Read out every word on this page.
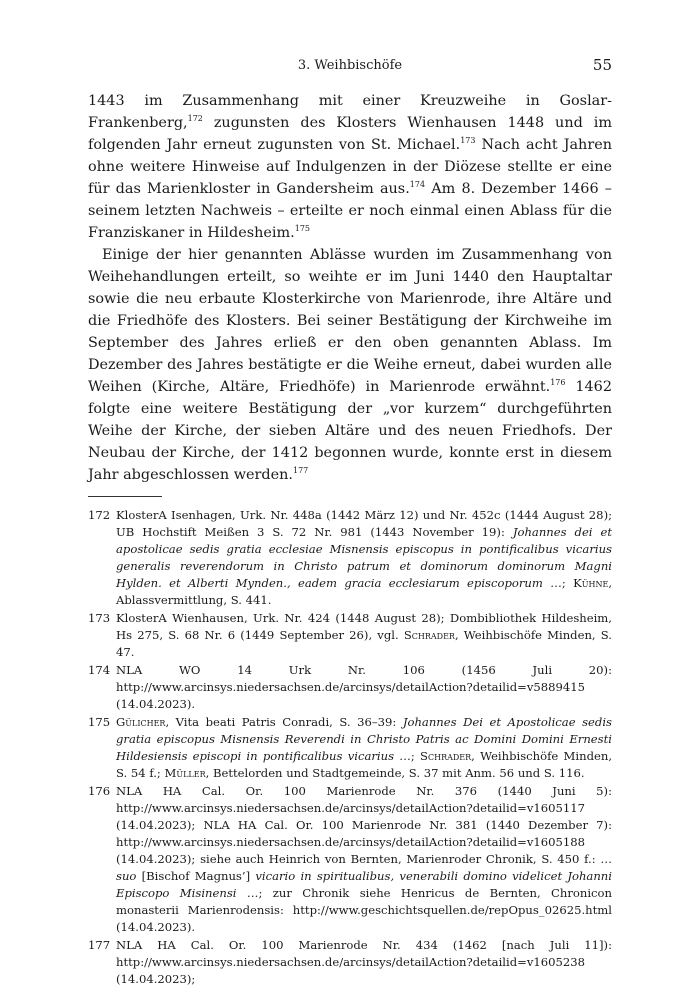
3. Weihbischöfe	55

1443 im Zusammenhang mit einer Kreuzweihe in Goslar-Frankenberg,$^{172}$ zugunsten des Klosters Wienhausen 1448 und im folgenden Jahr erneut zugunsten von St. Michael.$^{173}$ Nach acht Jahren ohne weitere Hinweise auf Indulgenzen in der Diözese stellte er eine für das Marienkloster in Gandersheim aus.$^{174}$ Am 8. Dezember 1466 – seinem letzten Nachweis – erteilte er noch einmal einen Ablass für die Franziskaner in Hildesheim.$^{175}$

Einige der hier genannten Ablässe wurden im Zusammenhang von Weihehandlungen erteilt, so weihte er im Juni 1440 den Hauptaltar sowie die neu erbaute Klosterkirche von Marienrode, ihre Altäre und die Friedhöfe des Klosters. Bei seiner Bestätigung der Kirchweihe im September des Jahres erließ er den oben genannten Ablass. Im Dezember des Jahres bestätigte er die Weihe erneut, dabei wurden alle Weihen (Kirche, Altäre, Friedhöfe) in Marienrode erwähnt.$^{176}$ 1462 folgte eine weitere Bestätigung der „vor kurzem“ durchgeführten Weihe der Kirche, der sieben Altäre und des neuen Friedhofs. Der Neubau der Kirche, der 1412 begonnen wurde, konnte erst in diesem Jahr abgeschlossen werden.$^{177}$

172 KlosterA Isenhagen, Urk. Nr. 448a (1442 März 12) und Nr. 452c (1444 August 28); UB Hochstift Meißen 3 S. 72 Nr. 981 (1443 November 19): Johannes dei et apostolicae sedis gratia ecclesiae Misnensis episcopus in pontificalibus vicarius generalis reverendorum in Christo patrum et dominorum dominorum Magni Hylden. et Alberti Mynden., eadem gracia ecclesiarum episcoporum …; Kühne, Ablassvermittlung, S. 441.
173 KlosterA Wienhausen, Urk. Nr. 424 (1448 August 28); Dombibliothek Hildesheim, Hs 275, S. 68 Nr. 6 (1449 September 26), vgl. Schrader, Weihbischöfe Minden, S. 47.
174 NLA WO 14 Urk Nr. 106 (1456 Juli 20): http://www.arcinsys.niedersachsen.de/arcinsys/detailAction?detailid=v5889415 (14.04.2023).
175 Gülicher, Vita beati Patris Conradi, S. 36–39: Johannes Dei et Apostolicae sedis gratia episcopus Misnensis Reverendi in Christo Patris ac Domini Domini Ernesti Hildesiensis episcopi in pontificalibus vicarius …; Schrader, Weihbischöfe Minden, S. 54 f.; Müller, Bettelorden und Stadtgemeinde, S. 37 mit Anm. 56 und S. 116.
176 NLA HA Cal. Or. 100 Marienrode Nr. 376 (1440 Juni 5): http://www.arcinsys.niedersachsen.de/arcinsys/detailAction?detailid=v1605117 (14.04.2023); NLA HA Cal. Or. 100 Marienrode Nr. 381 (1440 Dezember 7): http://www.arcinsys.niedersachsen.de/arcinsys/detailAction?detailid=v1605188 (14.04.2023); siehe auch Heinrich von Bernten, Marienroder Chronik, S. 450 f.: … suo [Bischof Magnus’] vicario in spiritualibus, venerabili domino videlicet Johanni Episcopo Misinensi …; zur Chronik siehe Henricus de Bernten, Chronicon monasterii Marienrodensis: http://www.geschichtsquellen.de/repOpus_02625.html (14.04.2023).
177 NLA HA Cal. Or. 100 Marienrode Nr. 434 (1462 [nach Juli 11]): http://www.arcinsys.niedersachsen.de/arcinsys/detailAction?detailid=v1605238 (14.04.2023);
